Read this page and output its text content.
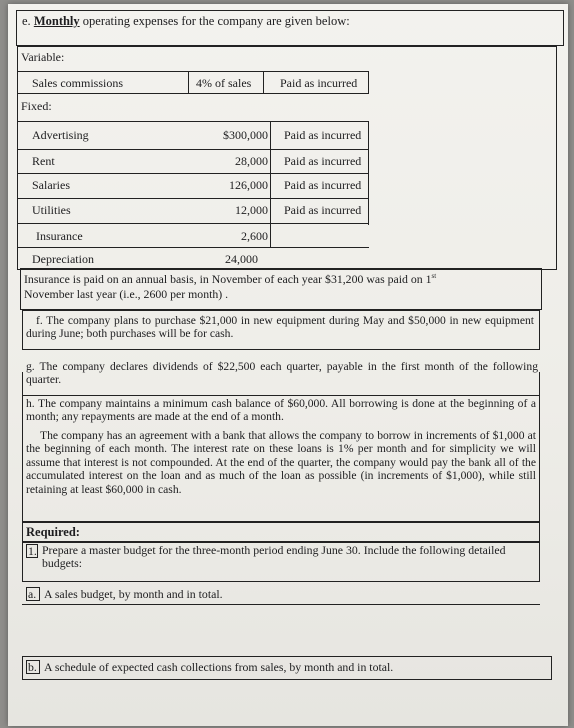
e. Monthly operating expenses for the company are given below:
Variable:
Sales commissions	4% of sales Paid as incurred
Fixed:
Advertising	$300,000 Paid as incurred
Rent	28,000 Paid as incurred
Salaries	126,000 Paid as incurred
Utilities	12,000 Paid as incurred
Insurance	2,600
Depreciation	24,000
Insurance is paid on an annual basis, in November of each year $31,200 was paid on 1st
November last year (i.e., 2600 per month) .
f. The company plans to purchase $21,000 in new equipment during May and $50,000 in new equipment during June; both purchases will be for cash.
g. The company declares dividends of $22,500 each quarter, payable in the first month of the following quarter.
h. The company maintains a minimum cash balance of $60,000. All borrowing is done at the beginning of a month; any repayments are made at the end of a month.
The company has an agreement with a bank that allows the company to borrow in increments of $1,000 at the beginning of each month. The interest rate on these loans is 1% per month and for simplicity we will assume that interest is not compounded. At the end of the quarter, the company would pay the bank all of the accumulated interest on the loan and as much of the loan as possible (in increments of $1,000), while still retaining at least $60,000 in cash.
Required:
1. Prepare a master budget for the three-month period ending June 30. Include the following detailed budgets:
a. A sales budget, by month and in total.
b. A schedule of expected cash collections from sales, by month and in total.
